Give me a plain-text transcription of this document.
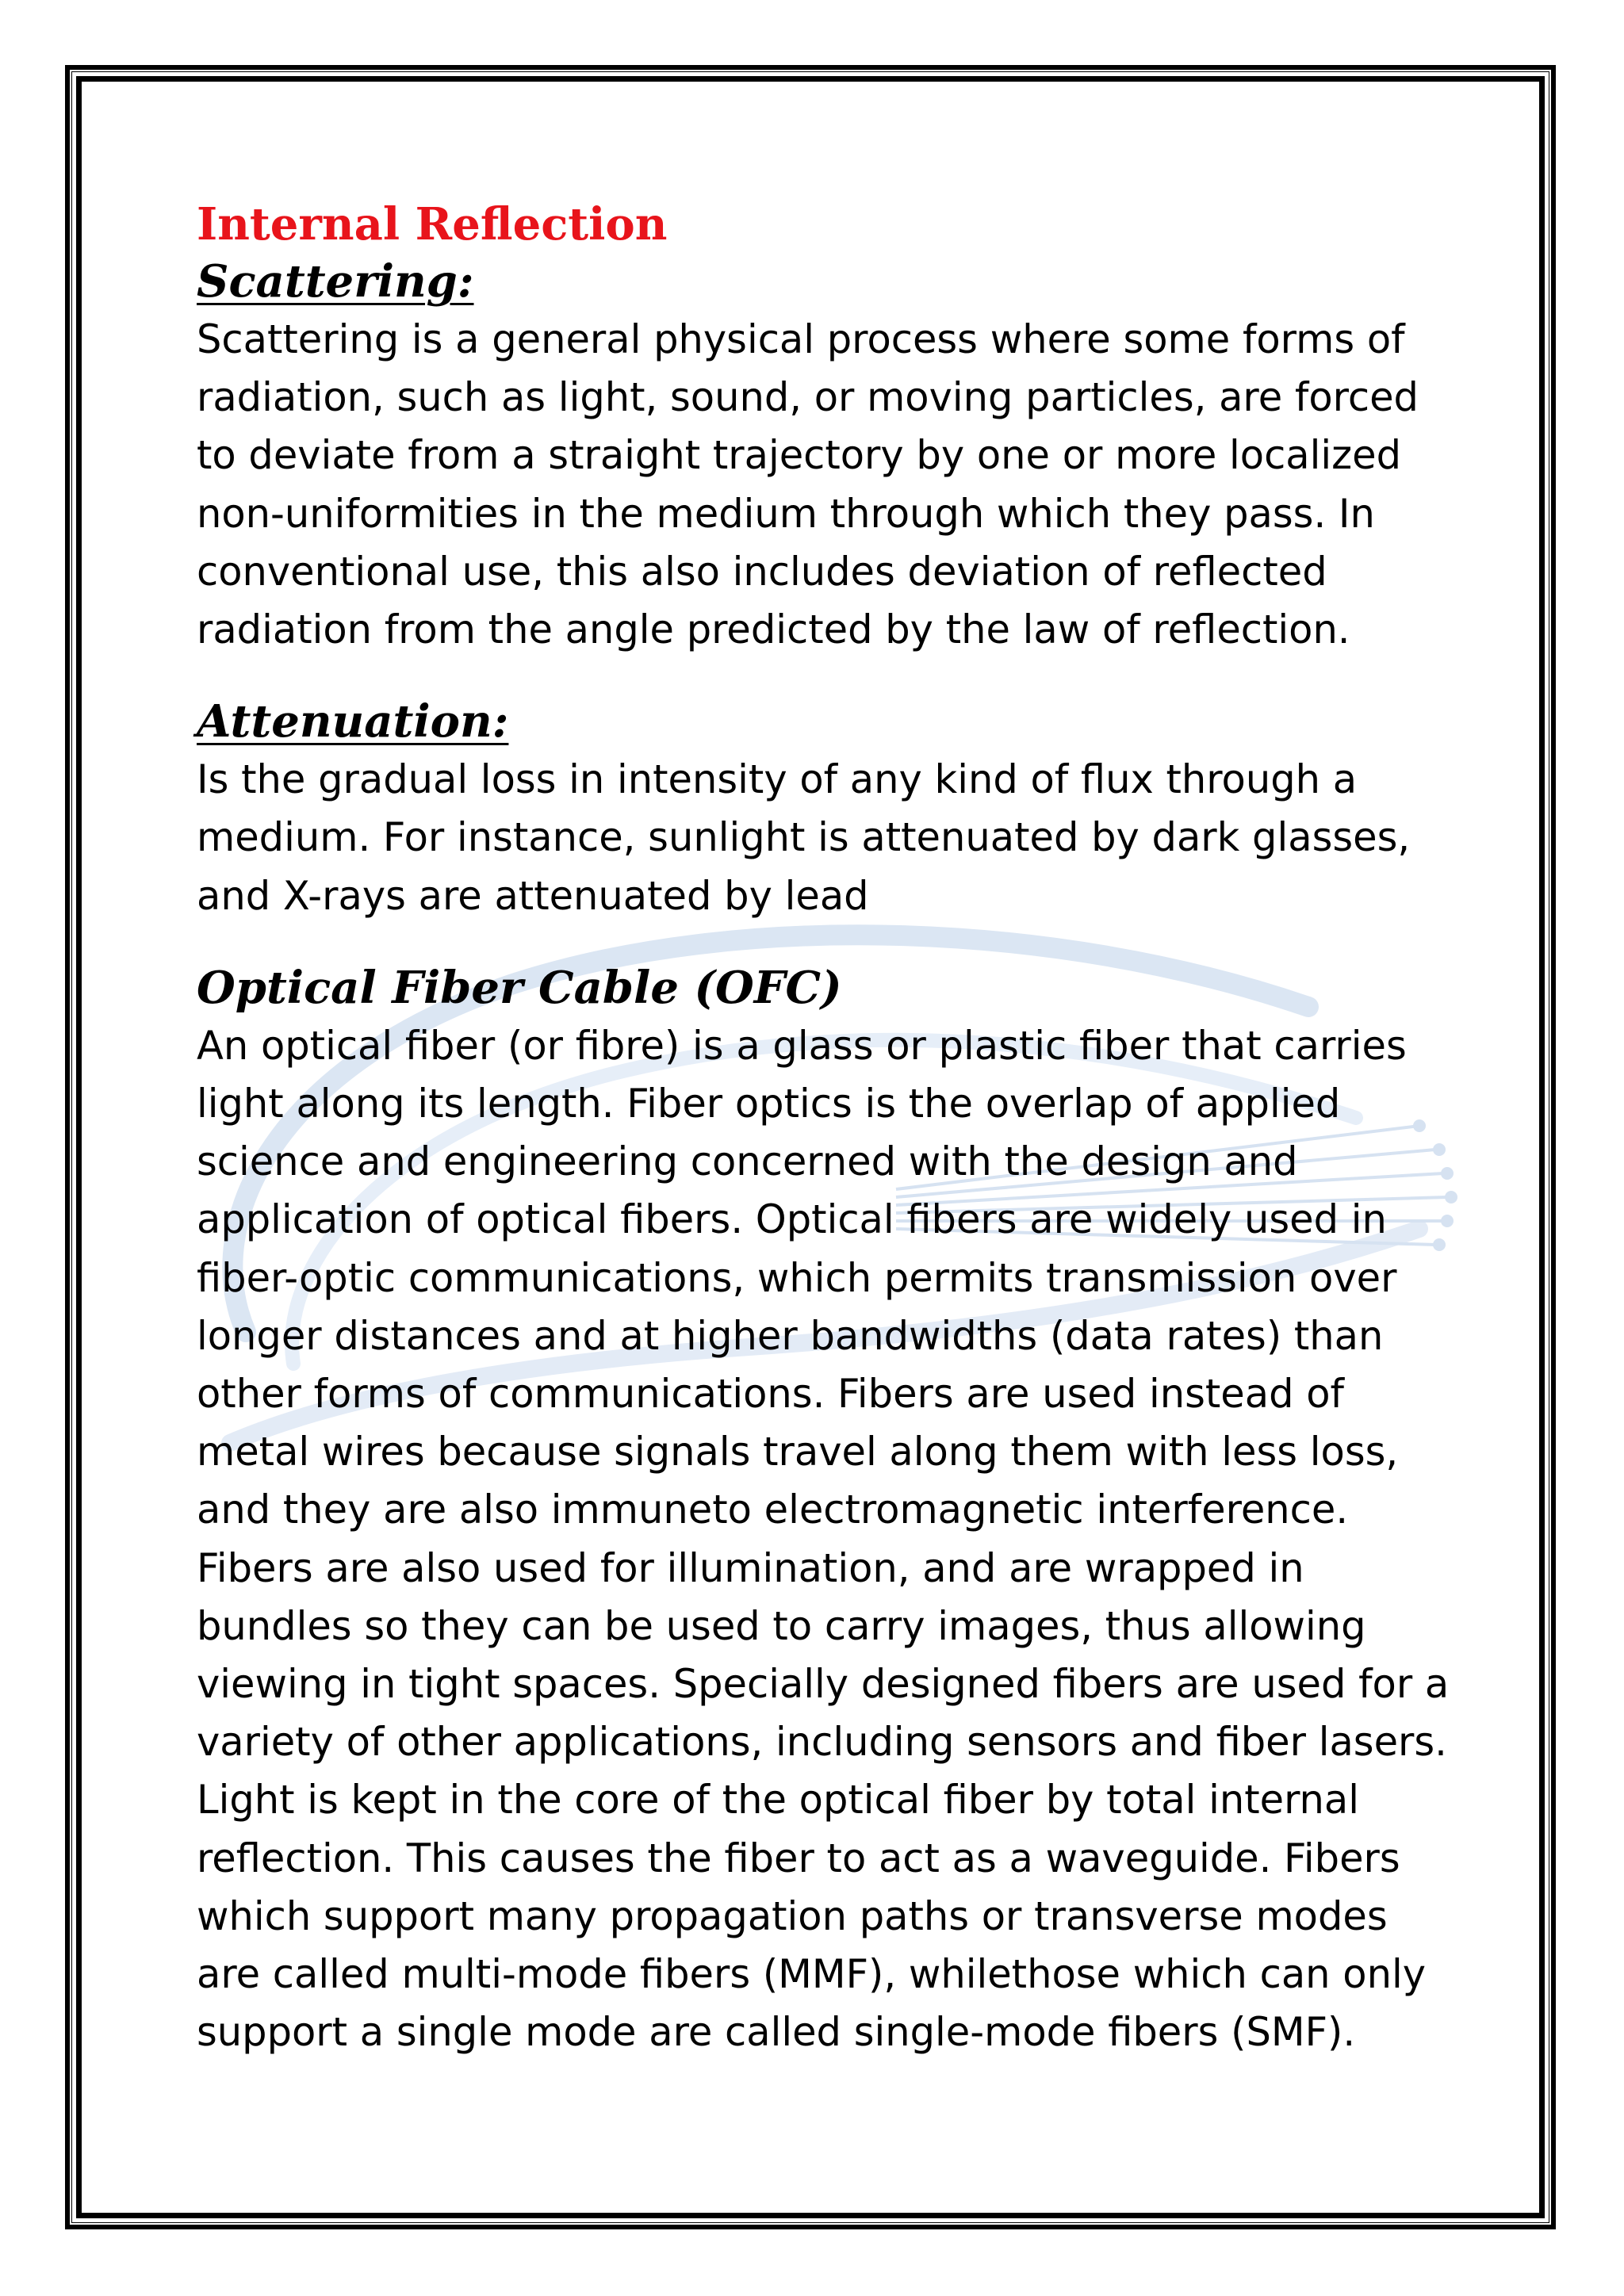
Internal Reflection
Scattering:

Scattering is a general physical process where some forms of
radiation, such as light, sound, or moving particles, are forced
to deviate from a straight trajectory by one or more localized
non-uniformities in the medium through which they pass. In
conventional use, this also includes deviation of reflected
radiation from the angle predicted by the law of reflection.

Attenuation:

Is the gradual loss in intensity of any kind of flux through a
medium. For instance, sunlight is attenuated by dark glasses,
and X-rays are attenuated by lead

Optical Fiber Cable (OFC)

An optical fiber (or fibre) is a glass or plastic fiber that carries
light along its length. Fiber optics is the overlap of applied
science and engineering concerned with the design and
application of optical fibers. Optical fibers are widely used in
fiber-optic communications, which permits transmission over
longer distances and at higher bandwidths (data rates) than
other forms of communications. Fibers are used instead of
metal wires because signals travel along them with less loss,
and they are also immuneto electromagnetic interference.
Fibers are also used for illumination, and are wrapped in
bundles so they can be used to carry images, thus allowing
viewing in tight spaces. Specially designed fibers are used for a
variety of other applications, including sensors and fiber lasers.
Light is kept in the core of the optical fiber by total internal
reflection. This causes the fiber to act as a waveguide. Fibers
which support many propagation paths or transverse modes
are called multi-mode fibers (MMF), whilethose which can only
support a single mode are called single-mode fibers (SMF).
